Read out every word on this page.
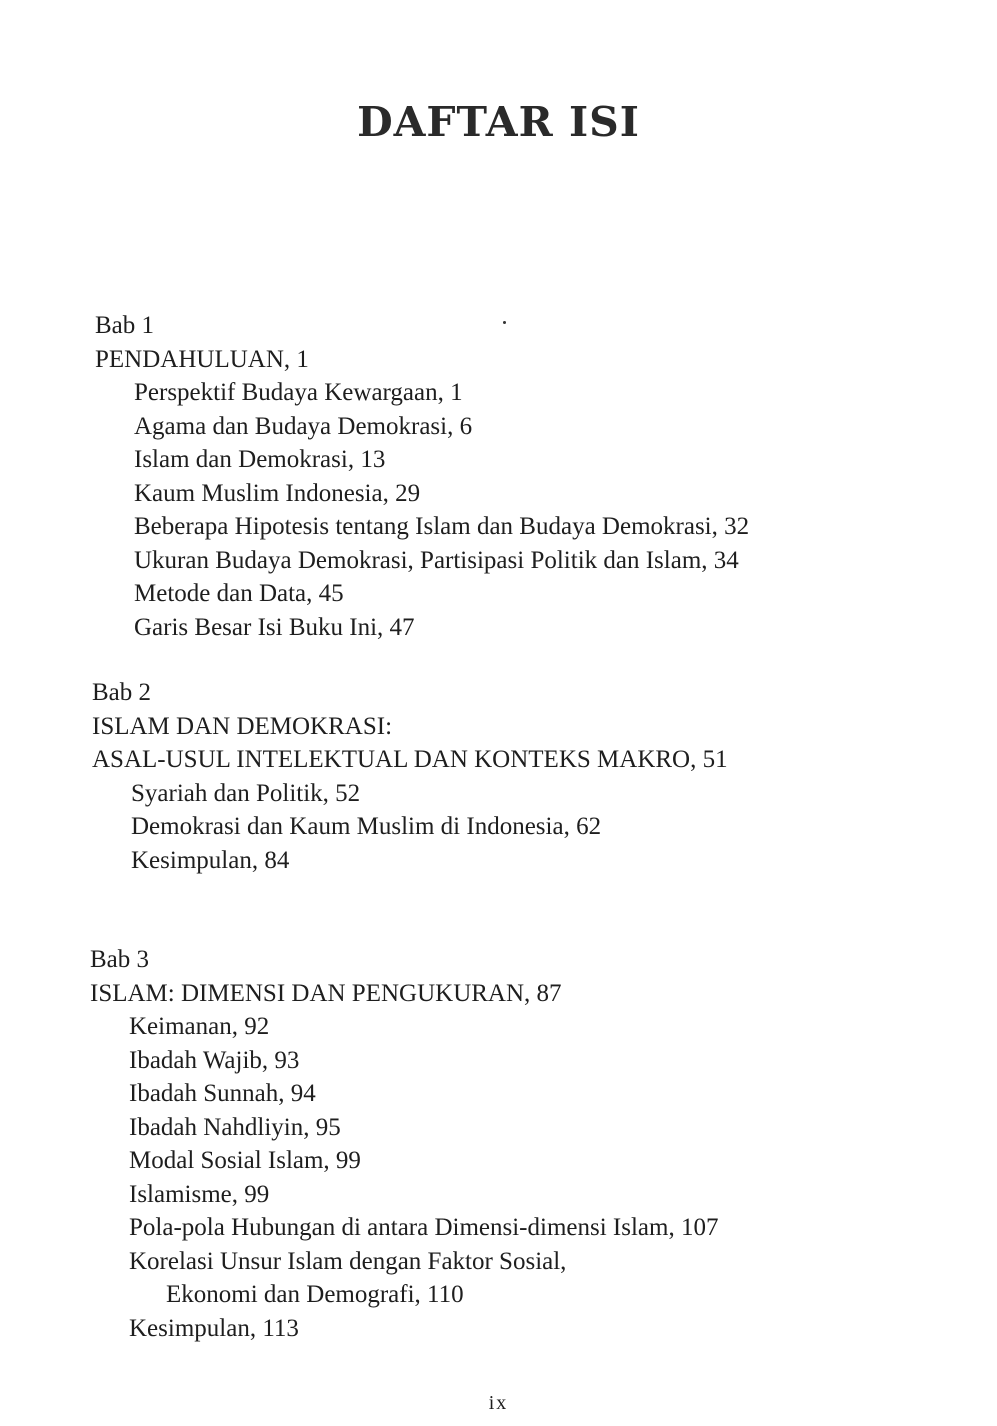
DAFTAR ISI
Bab 1
PENDAHULUAN, 1
Perspektif Budaya Kewargaan, 1
Agama dan Budaya Demokrasi, 6
Islam dan Demokrasi, 13
Kaum Muslim Indonesia, 29
Beberapa Hipotesis tentang Islam dan Budaya Demokrasi, 32
Ukuran Budaya Demokrasi, Partisipasi Politik dan Islam, 34
Metode dan Data, 45
Garis Besar Isi Buku Ini, 47
Bab 2
ISLAM DAN DEMOKRASI:
ASAL-USUL INTELEKTUAL DAN KONTEKS MAKRO, 51
Syariah dan Politik, 52
Demokrasi dan Kaum Muslim di Indonesia, 62
Kesimpulan, 84
Bab 3
ISLAM: DIMENSI DAN PENGUKURAN, 87
Keimanan, 92
Ibadah Wajib, 93
Ibadah Sunnah, 94
Ibadah Nahdliyin, 95
Modal Sosial Islam, 99
Islamisme, 99
Pola-pola Hubungan di antara Dimensi-dimensi Islam, 107
Korelasi Unsur Islam dengan Faktor Sosial,
Ekonomi dan Demografi, 110
Kesimpulan, 113
ix
